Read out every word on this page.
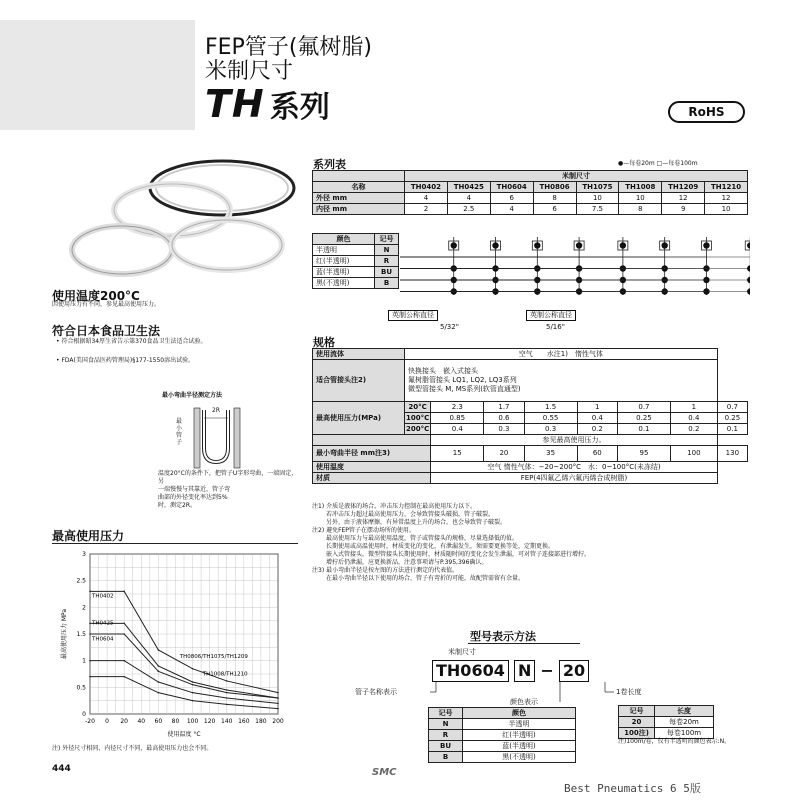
FEP管子(氟树脂)
米制尺寸
TH 系列	RoHS
使用温度200°C
因使用压力有不同，参见最高使用压力。
符合日本食品卫生法
• 符合根据昭34厚生省告示第370食品卫生法适合试验。
• FDA(美国食品医药管理局)§177-1550溶出试验。
最小弯曲半径测定方法
2R
最小管子
温度20°C的条件下，把管子U字形弯曲，一端固定，另
一端慢慢与其靠近，管子弯
曲部的外径变化率达到5%
时，测定2R。
最高使用压力
-20 0 20 40 60 80 100 120 140 160 180 200
0
0.5
1
1.5
2
2.5
3
使用温度 °C
最高使用压力 MPa
TH0402
TH0425
TH0604
TH0806/TH1075/TH1209
TH1008/TH1210
注) 外径尺寸相同、内径尺寸不同，最高使用压力也会不同。
444
系列表	●—每卷20m □—每卷100m
	米制尺寸							
名称	TH0402	TH0425	TH0604	TH0806	TH1075	TH1008	TH1209	TH1210
外径 mm	4	4	6	8	10	10	12	12
内径 mm	2	2.5	4	6	7.5	8	9	10
颜色	记号
半透明	N
红(半透明)	R
蓝(半透明)	BU
黑(不透明)	B
英制公称直径
5/32"
英制公称直径
5/16"
规格
使用流体	空气　　水注1)　惰性气体							
适合管接头注2)	快换接头　嵌入式接头
氟树脂管接头 LQ1, LQ2, LQ3系列
微型管接头 M, MS系列(软管直通型)							

最高使用压力(MPa)	20°C	2.3	1.7	1.5	1	0.7	1	0.7
	100°C	0.85	0.6	0.55	0.4	0.25	0.4	0.25
	200°C	0.4	0.3	0.3	0.2	0.1	0.2	0.1
		参见最高使用压力。						
最小弯曲半径 mm注3)		15	20	35	60	95	100	130
使用温度		空气 惰性气体：−20~200°C　水：0~100°C(未冻结)						
材质		FEP(4四氟乙烯六氟丙烯合成树脂)						

注1) 介质是液体的场合，冲击压力控制在最高使用压力以下。

若冲击压力超过最高使用压力，会导致管接头破损，管子破裂。

另外，由于液体摩擦，有异常温度上升的场合，也会导致管子破裂。

注2) 避免FEP管子在摆动场所的使用。

最高使用压力与最高使用温度，管子或管接头的规格，尽量选择低的值。

长期使用或高温使用时，材质变化的变化，有泄漏发生，须需要更换等处，定期更换。

嵌入式管接头，微型管接头长期使用时，材质随时间的变化会发生泄漏，可对管子连接部进行增拧。

增拧后仍泄漏，应更换新品，注意事项请与P.395,396确认。

注3) 最小弯曲半径是按左图的方法进行测定的代表值。

在最小弯曲半径以下使用的场合，管子有弯折的可能，故配管需留有余量。

型号表示方法
米制尺寸
TH0604 N − 20
管子名称表示
颜色表示
1卷长度
记号	颜色
N	半透明
R	红(半透明)
BU	蓝(半透明)
B	黑(不透明)
记号	长度
20	每卷20m
100注)	每卷100m
注)100m/卷，仅有半透明的颜色表示:N。
SMC
Best Pneumatics 6 5版
